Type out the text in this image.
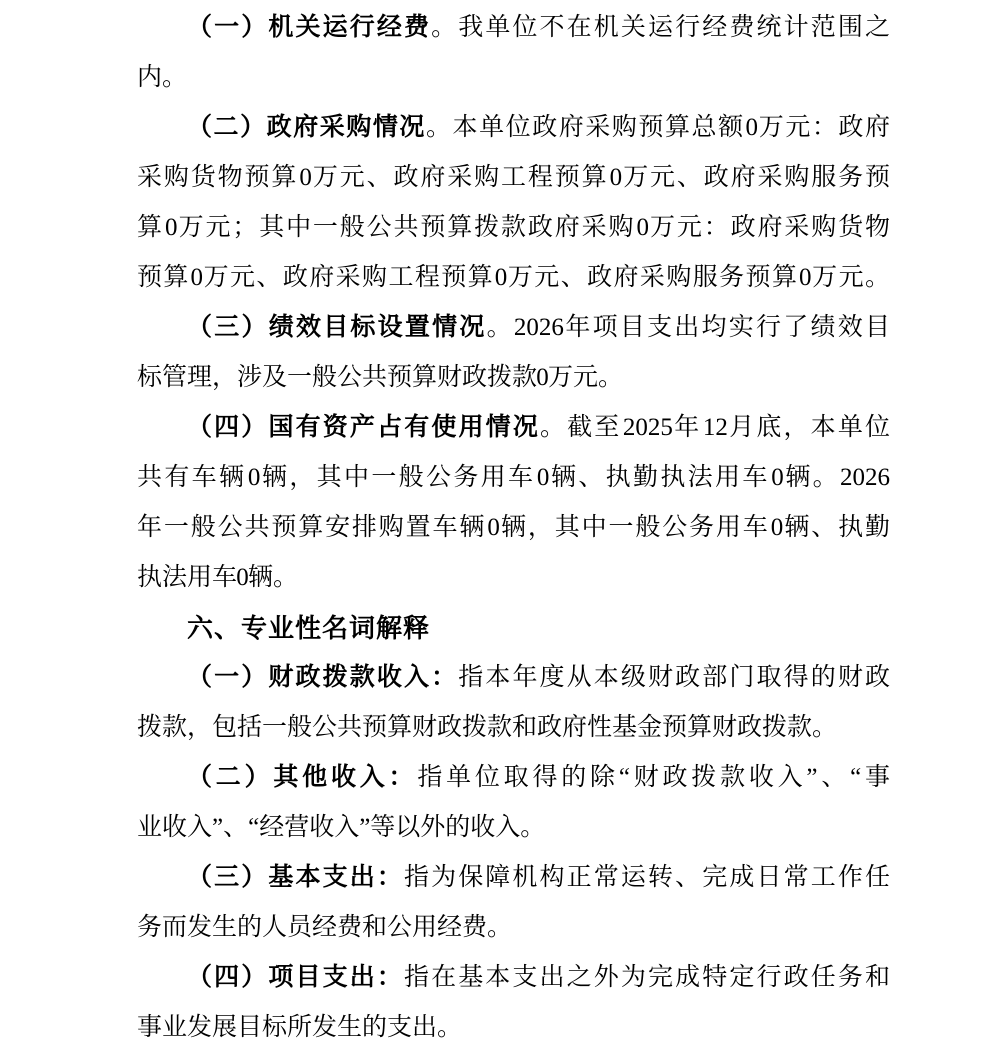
（一）机关运行经费。我单位不在机关运行经费统计范围之
内。
（二）政府采购情况。本单位政府采购预算总额 0 万元：政府
采购货物预算 0 万元、政府采购工程预算 0 万元、政府采购服务预
算 0 万元；其中一般公共预算拨款政府采购 0 万元：政府采购货物
预算 0 万元、政府采购工程预算 0 万元、政府采购服务预算 0 万元。
（三）绩效目标设置情况。2026 年项目支出均实行了绩效目
标管理，涉及一般公共预算财政拨款 0 万元。
（四）国有资产占有使用情况。截至 2025 年 12 月底，本单位
共有车辆 0 辆，其中一般公务用车 0 辆、执勤执法用车 0 辆。2026
年一般公共预算安排购置车辆 0 辆，其中一般公务用车 0 辆、执勤
执法用车 0 辆。
六、专业性名词解释
（一）财政拨款收入：指本年度从本级财政部门取得的财政
拨款，包括一般公共预算财政拨款和政府性基金预算财政拨款。
（二）其他收入：指单位取得的除“财政拨款收入”、“事
业收入”、“经营收入”等以外的收入。
（三）基本支出：指为保障机构正常运转、完成日常工作任
务而发生的人员经费和公用经费。
（四）项目支出：指在基本支出之外为完成特定行政任务和
事业发展目标所发生的支出。
